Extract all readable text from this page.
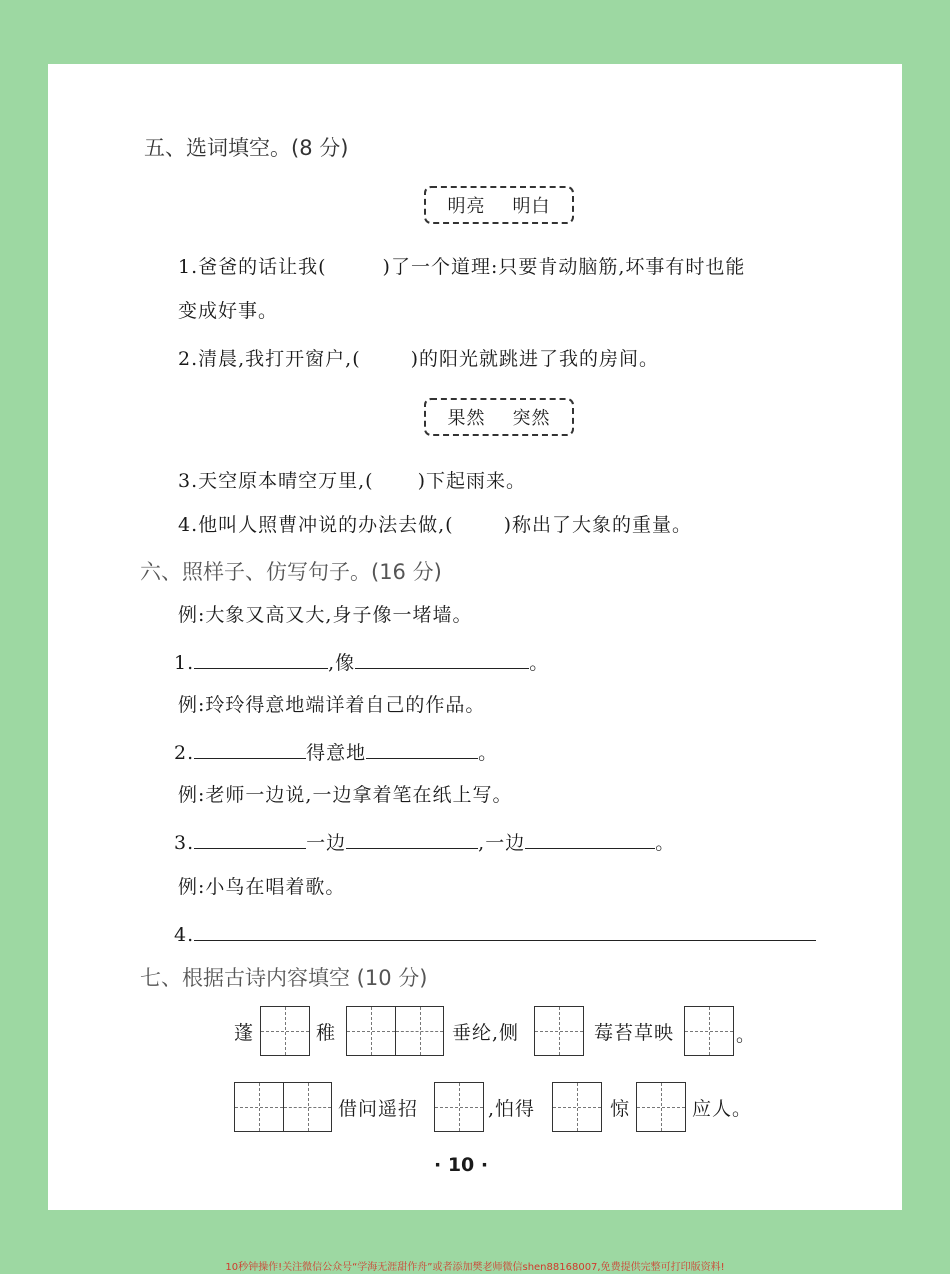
五、选词填空。(8 分)
明亮 明白
1.爸爸的话让我(	)了一个道理:只要肯动脑筋,坏事有时也能
变成好事。
2.清晨,我打开窗户,(	)的阳光就跳进了我的房间。
果然 突然
3.天空原本晴空万里,( )下起雨来。
4.他叫人照曹冲说的办法去做,(	)称出了大象的重量。
六、照样子、仿写句子。(16 分)
例:大象又高又大,身子像一堵墙。
1.	,像	。
例:玲玲得意地端详着自己的作品。
2.	得意地	。
例:老师一边说,一边拿着笔在纸上写。
3.	一边	,一边	。
例:小鸟在唱着歌。
4.
七、根据古诗内容填空 (10 分)
蓬	稚	垂纶,侧	莓苔草映	。
借问遥招	,怕得	惊	应人。
· 10 ·
10秒钟操作!关注微信公众号“学海无涯甜作舟”或者添加樊老师微信shen88168007,免费提供完整可打印版资料!
